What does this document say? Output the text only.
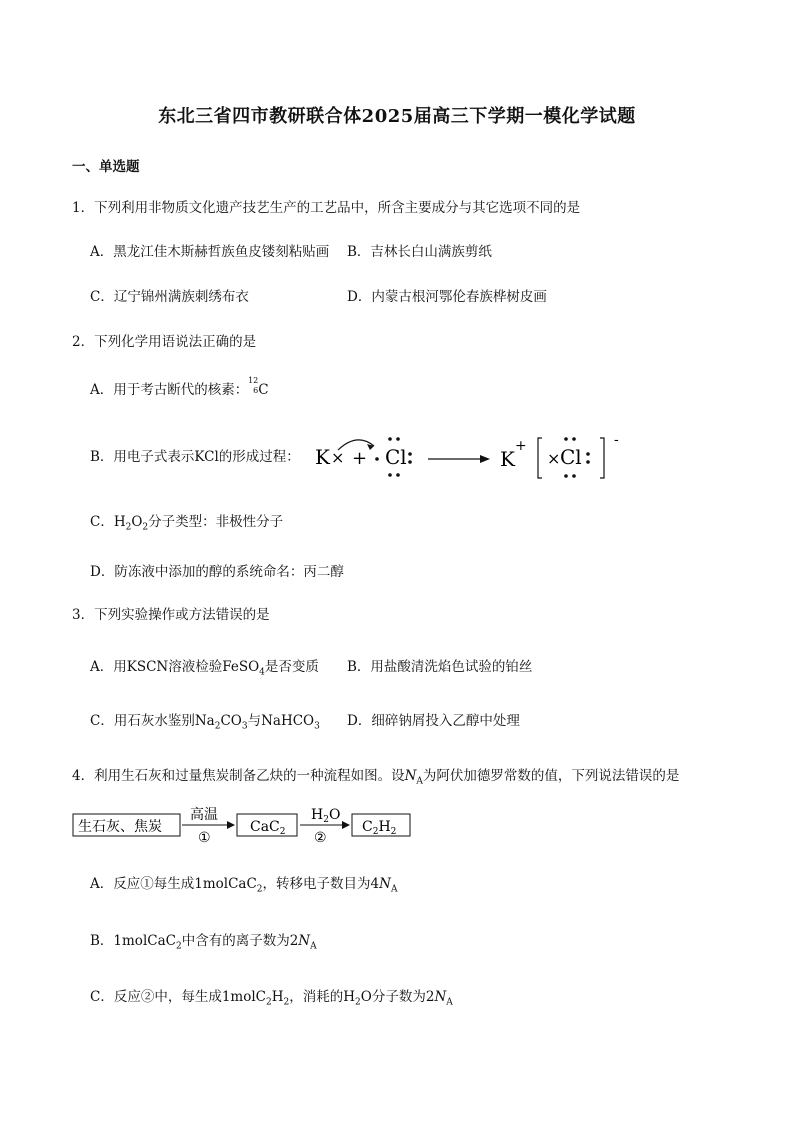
东北三省四市教研联合体2025届高三下学期一模化学试题
一、单选题
1．下列利用非物质文化遗产技艺生产的工艺品中，所含主要成分与其它选项不同的是
A．黑龙江佳木斯赫哲族鱼皮镂刻粘贴画 B．吉林长白山满族剪纸
C．辽宁锦州满族刺绣布衣	D．内蒙古根河鄂伦春族桦树皮画
2．下列化学用语说法正确的是
A．用于考古断代的核素：
12
6 C
B．用电子式表示KCl的形成过程： K × + Cl	K
+
× Cl
-
C．$H_2O_2$分子类型：非极性分子
D．防冻液中添加的醇的系统命名：丙二醇
3．下列实验操作或方法错误的是
A．用KSCN溶液检验FeSO$_4$是否变质 B．用盐酸清洗焰色试验的铂丝
C．用石灰水鉴别$Na_2CO_3$与NaHCO$_3$ D．细碎钠屑投入乙醇中处理
4．利用生石灰和过量焦炭制备乙炔的一种流程如图。设$N_A$为阿伏加德罗常数的值，下列说法错误的是
生石灰、焦炭
高温
①
CaC$_2$
$H_2O$
②
$C_2H_2$
A．反应①每生成1molCaC$_2$，转移电子数目为$4N_A$
B．1molCaC$_2$中含有的离子数为$2N_A$
C．反应②中，每生成$1molC_2H_2$，消耗的$H_2O$分子数为$2N_A$
